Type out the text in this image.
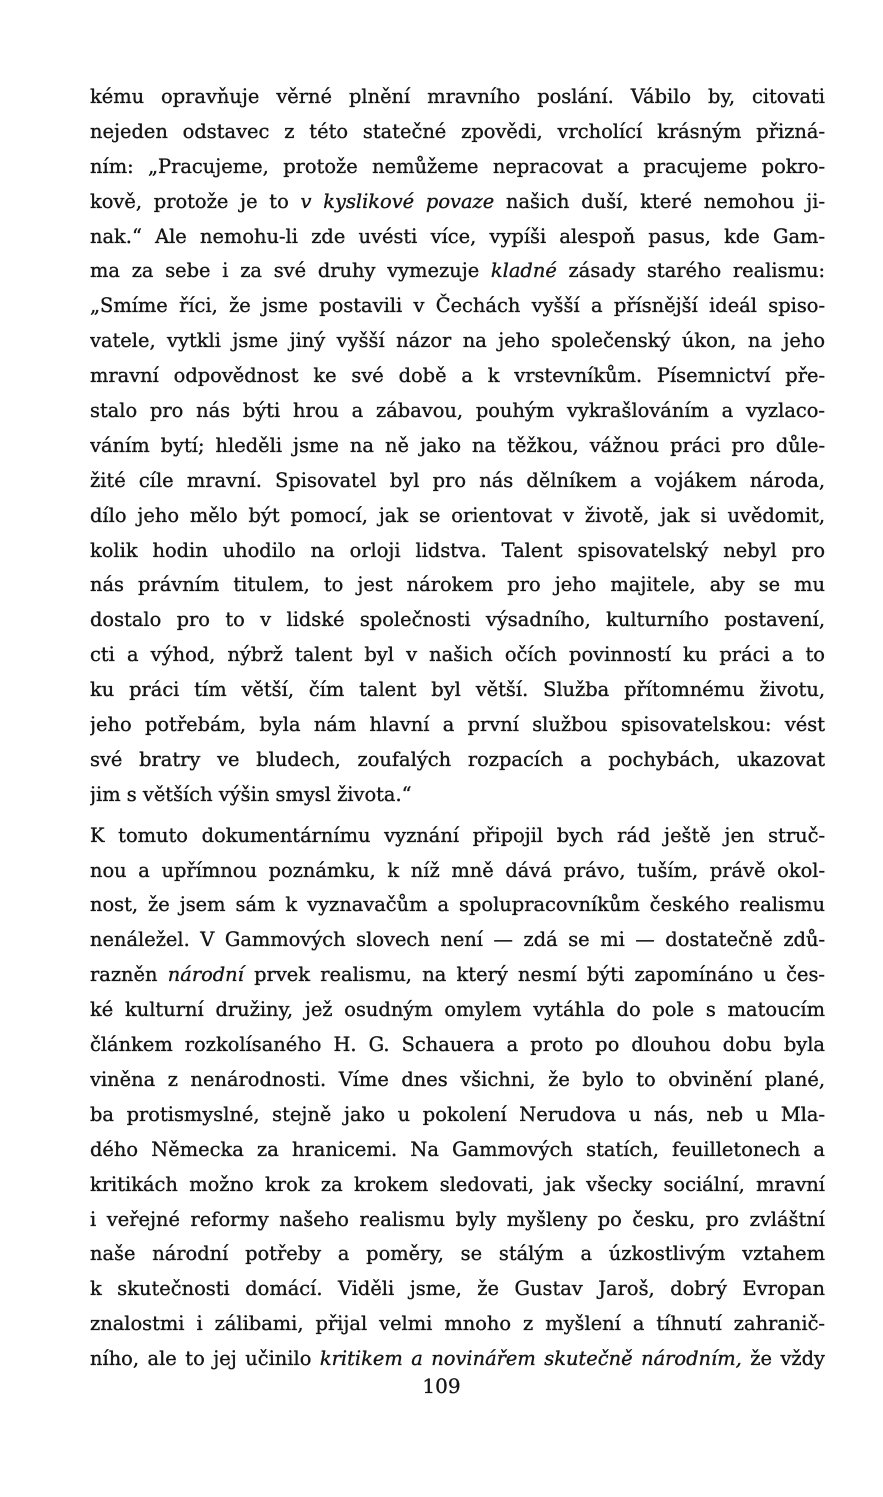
kému opravňuje věrné plnění mravního poslání. Vábilo by, citovati
nejeden odstavec z této statečné zpovědi, vrcholící krásným přizná-
ním: „Pracujeme, protože nemůžeme nepracovat a pracujeme pokro-
kově, protože je to v kyslikové povaze našich duší, které nemohou ji-
nak.“ Ale nemohu-li zde uvésti více, vypíši alespoň pasus, kde Gam-
ma za sebe i za své druhy vymezuje kladné zásady starého realismu:
„Smíme říci, že jsme postavili v Čechách vyšší a přísnější ideál spiso-
vatele, vytkli jsme jiný vyšší názor na jeho společenský úkon, na jeho
mravní odpovědnost ke své době a k vrstevníkům. Písemnictví pře-
stalo pro nás býti hrou a zábavou, pouhým vykrašlováním a vyzlaco-
váním bytí; hleděli jsme na ně jako na těžkou, vážnou práci pro důle-
žité cíle mravní. Spisovatel byl pro nás dělníkem a vojákem národa,
dílo jeho mělo být pomocí, jak se orientovat v životě, jak si uvědomit,
kolik hodin uhodilo na orloji lidstva. Talent spisovatelský nebyl pro
nás právním titulem, to jest nárokem pro jeho majitele, aby se mu
dostalo pro to v lidské společnosti výsadního, kulturního postavení,
cti a výhod, nýbrž talent byl v našich očích povinností ku práci a to
ku práci tím větší, čím talent byl větší. Služba přítomnému životu,
jeho potřebám, byla nám hlavní a první službou spisovatelskou: vést
své bratry ve bludech, zoufalých rozpacích a pochybách, ukazovat
jim s větších výšin smysl života.“
K tomuto dokumentárnímu vyznání připojil bych rád ještě jen struč-
nou a upřímnou poznámku, k níž mně dává právo, tuším, právě okol-
nost, že jsem sám k vyznavačům a spolupracovníkům českého realismu
nenáležel. V Gammových slovech není — zdá se mi — dostatečně zdů-
razněn národní prvek realismu, na který nesmí býti zapomínáno u čes-
ké kulturní družiny, jež osudným omylem vytáhla do pole s matoucím
článkem rozkolísaného H. G. Schauera a proto po dlouhou dobu byla
viněna z nenárodnosti. Víme dnes všichni, že bylo to obvinění plané,
ba protismyslné, stejně jako u pokolení Nerudova u nás, neb u Mla-
dého Německa za hranicemi. Na Gammových statích, feuilletonech a
kritikách možno krok za krokem sledovati, jak všecky sociální, mravní
i veřejné reformy našeho realismu byly myšleny po česku, pro zvláštní
naše národní potřeby a poměry, se stálým a úzkostlivým vztahem
k skutečnosti domácí. Viděli jsme, že Gustav Jaroš, dobrý Evropan
znalostmi i zálibami, přijal velmi mnoho z myšlení a tíhnutí zahranič-
ního, ale to jej učinilo kritikem a novinářem skutečně národním, že vždy
109
